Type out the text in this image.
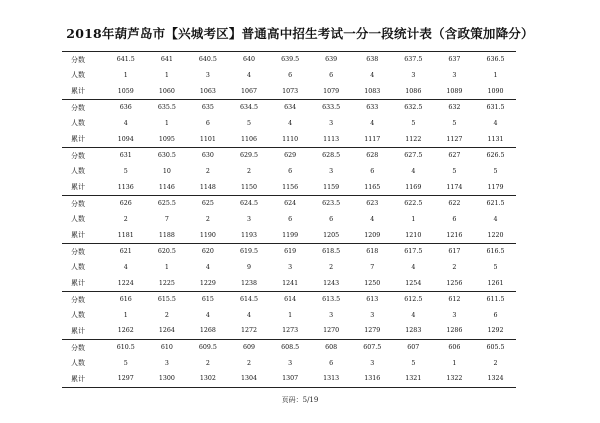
2018年葫芦岛市【兴城考区】普通高中招生考试一分一段统计表（含政策加降分）
分数	641.5	641	640.5	640	639.5	639	638	637.5	637	636.5
人数	1	1	3	4	6	6	4	3	3	1
累计	1059	1060	1063	1067	1073	1079	1083	1086	1089	1090
分数	636	635.5	635	634.5	634	633.5	633	632.5	632	631.5
人数	4	1	6	5	4	3	4	5	5	4
累计	1094	1095	1101	1106	1110	1113	1117	1122	1127	1131
分数	631	630.5	630	629.5	629	628.5	628	627.5	627	626.5
人数	5	10	2	2	6	3	6	4	5	5
累计	1136	1146	1148	1150	1156	1159	1165	1169	1174	1179
分数	626	625.5	625	624.5	624	623.5	623	622.5	622	621.5
人数	2	7	2	3	6	6	4	1	6	4
累计	1181	1188	1190	1193	1199	1205	1209	1210	1216	1220
分数	621	620.5	620	619.5	619	618.5	618	617.5	617	616.5
人数	4	1	4	9	3	2	7	4	2	5
累计	1224	1225	1229	1238	1241	1243	1250	1254	1256	1261
分数	616	615.5	615	614.5	614	613.5	613	612.5	612	611.5
人数	1	2	4	4	1	3	3	4	3	6
累计	1262	1264	1268	1272	1273	1270	1279	1283	1286	1292
分数	610.5	610	609.5	609	608.5	608	607.5	607	606	605.5
人数	5	3	2	2	3	6	3	5	1	2
累计	1297	1300	1302	1304	1307	1313	1316	1321	1322	1324
页码：5/19
